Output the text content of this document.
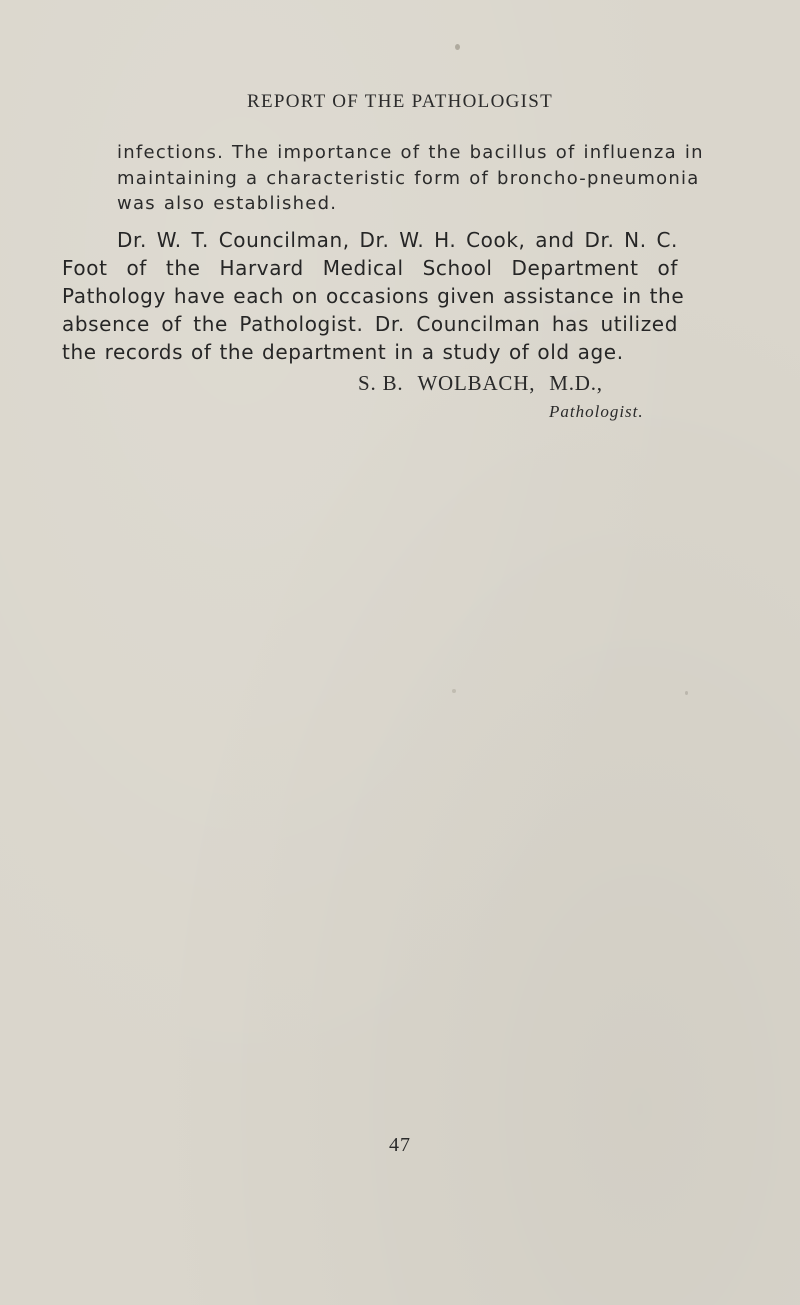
REPORT OF THE PATHOLOGIST

infections. The importance of the bacillus of influenza in
maintaining a characteristic form of broncho-pneumonia
was also established.

Dr. W. T. Councilman, Dr. W. H. Cook, and Dr. N. C.
Foot of the Harvard Medical School Department of
Pathology have each on occasions given assistance in the
absence of the Pathologist. Dr. Councilman has utilized
the records of the department in a study of old age.

S. B. WOLBACH, M.D.,
Pathologist.
47
